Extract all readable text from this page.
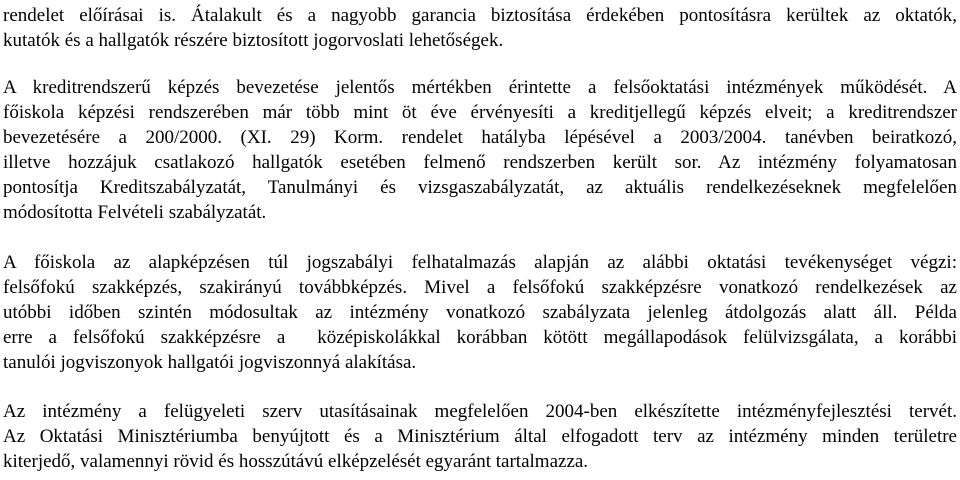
rendelet előírásai is. Átalakult és a nagyobb garancia biztosítása érdekében pontosításra kerültek az oktatók,
kutatók és a hallgatók részére biztosított jogorvoslati lehetőségek.
A kreditrendszerű képzés bevezetése jelentős mértékben érintette a felsőoktatási intézmények működését. A
főiskola képzési rendszerében már több mint öt éve érvényesíti a kreditjellegű képzés elveit; a kreditrendszer
bevezetésére a 200/2000. (XI. 29) Korm. rendelet hatályba lépésével a 2003/2004. tanévben beiratkozó,
illetve hozzájuk csatlakozó hallgatók esetében felmenő rendszerben került sor. Az intézmény folyamatosan
pontosítja Kreditszabályzatát, Tanulmányi és vizsgaszabályzatát, az aktuális rendelkezéseknek megfelelően
módosította Felvételi szabályzatát.
A főiskola az alapképzésen túl jogszabályi felhatalmazás alapján az alábbi oktatási tevékenységet végzi:
felsőfokú szakképzés, szakirányú továbbképzés. Mivel a felsőfokú szakképzésre vonatkozó rendelkezések az
utóbbi időben szintén módosultak az intézmény vonatkozó szabályzata jelenleg átdolgozás alatt áll. Példa
erre a felsőfokú szakképzésre a  középiskolákkal korábban kötött megállapodások felülvizsgálata, a korábbi
tanulói jogviszonyok hallgatói jogviszonnyá alakítása.
Az intézmény a felügyeleti szerv utasításainak megfelelően 2004-ben elkészítette intézményfejlesztési tervét.
Az Oktatási Minisztériumba benyújtott és a Minisztérium által elfogadott terv az intézmény minden területre
kiterjedő, valamennyi rövid és hosszútávú elképzelését egyaránt tartalmazza.
